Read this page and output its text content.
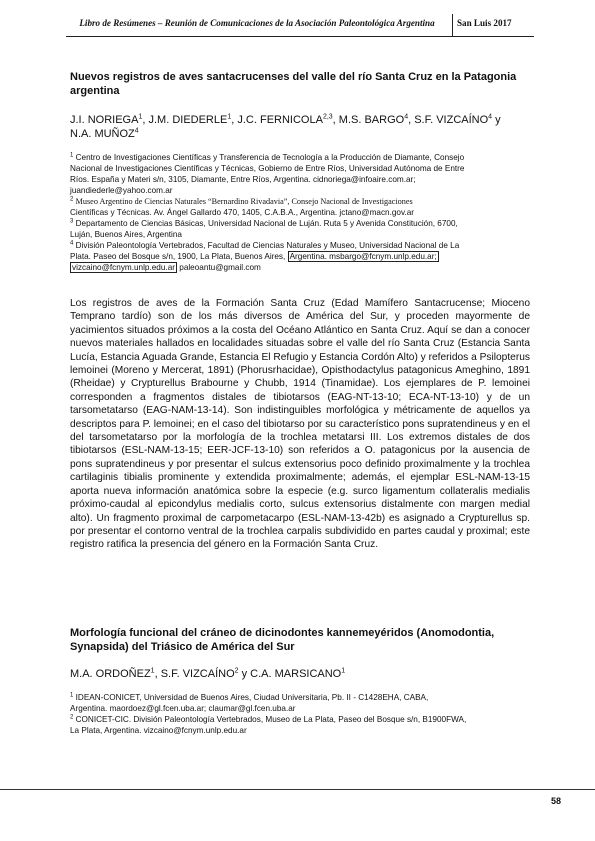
Libro de Resúmenes – Reunión de Comunicaciones de la Asociación Paleontológica Argentina	San Luis 2017
Nuevos registros de aves santacrucenses del valle del río Santa Cruz en la Patagonia
argentina
J.I. NORIEGA$^1$, J.M. DIEDERLE$^1$, J.C. FERNICOLA$^{2,3}$, M.S. BARGO$^4$, S.F. VIZCAÍNO$^4$ y
N.A. MUÑOZ$^4$
$^1$ Centro de Investigaciones Científicas y Transferencia de Tecnología a la Producción de Diamante, Consejo
Nacional de Investigaciones Científicas y Técnicas, Gobierno de Entre Ríos, Universidad Autónoma de Entre
Ríos. España y Materi s/n, 3105, Diamante, Entre Ríos, Argentina. cidnoriega@infoaire.com.ar;
juandiederle@yahoo.com.ar
$^2$ Museo Argentino de Ciencias Naturales “Bernardino Rivadavia”, Consejo Nacional de Investigaciones
Científicas y Técnicas. Av. Ángel Gallardo 470, 1405, C.A.B.A., Argentina. jctano@macn.gov.ar
$^3$ Departamento de Ciencias Básicas, Universidad Nacional de Luján. Ruta 5 y Avenida Constitución, 6700,
Luján, Buenos Aires, Argentina
$^4$ División Paleontología Vertebrados, Facultad de Ciencias Naturales y Museo, Universidad Nacional de La
Plata. Paseo del Bosque s/n, 1900, La Plata, Buenos Aires, Argentina. msbargo@fcnym.unlp.edu.ar;
vizcaino@fcnym.unlp.edu.ar paleoantu@gmail.com
Los registros de aves de la Formación Santa Cruz (Edad Mamífero Santacrucense; Mioceno Temprano tardío) son de los más diversos de América del Sur, y proceden mayormente de yacimientos situados próximos a la costa del Océano Atlántico en Santa Cruz. Aquí se dan a conocer nuevos materiales hallados en localidades situadas sobre el valle del río Santa Cruz (Estancia Santa Lucía, Estancia Aguada Grande, Estancia El Refugio y Estancia Cordón Alto) y referidos a Psilopterus lemoinei (Moreno y Mercerat, 1891) (Phorusrhacidae), Opisthodactylus patagonicus Ameghino, 1891 (Rheidae) y Crypturellus Brabourne y Chubb, 1914 (Tinamidae). Los ejemplares de P. lemoinei corresponden a fragmentos distales de tibiotarsos (EAG-NT-13-10; ECA-NT-13-10) y de un tarsometatarso (EAG-NAM-13-14). Son indistinguibles morfológica y métricamente de aquellos ya descriptos para P. lemoinei; en el caso del tibiotarso por su característico pons supratendineus y en el del tarsometatarso por la morfología de la trochlea metatarsi III. Los extremos distales de dos tibiotarsos (ESL-NAM-13-15; EER-JCF-13-10) son referidos a O. patagonicus por la ausencia de pons supratendineus y por presentar el sulcus extensorius poco definido proximalmente y la trochlea cartilaginis tibialis prominente y extendida proximalmente; además, el ejemplar ESL-NAM-13-15 aporta nueva información anatómica sobre la especie (e.g. surco ligamentum collateralis medialis próximo-caudal al epicondylus medialis corto, sulcus extensorius distalmente con margen medial alto). Un fragmento proximal de carpometacarpo (ESL-NAM-13-42b) es asignado a Crypturellus sp. por presentar el contorno ventral de la trochlea carpalis subdividido en partes caudal y proximal; este registro ratifica la presencia del género en la Formación Santa Cruz.
Morfología funcional del cráneo de dicinodontes kannemeyéridos (Anomodontia,
Synapsida) del Triásico de América del Sur
M.A. ORDOÑEZ$^1$, S.F. VIZCAÍNO$^2$ y C.A. MARSICANO$^1$
$^1$ IDEAN-CONICET, Universidad de Buenos Aires, Ciudad Universitaria, Pb. II - C1428EHA, CABA,
Argentina. maordoez@gl.fcen.uba.ar; claumar@gl.fcen.uba.ar
$^2$ CONICET-CIC. División Paleontología Vertebrados, Museo de La Plata, Paseo del Bosque s/n, B1900FWA,
La Plata, Argentina. vizcaino@fcnym.unlp.edu.ar
58
